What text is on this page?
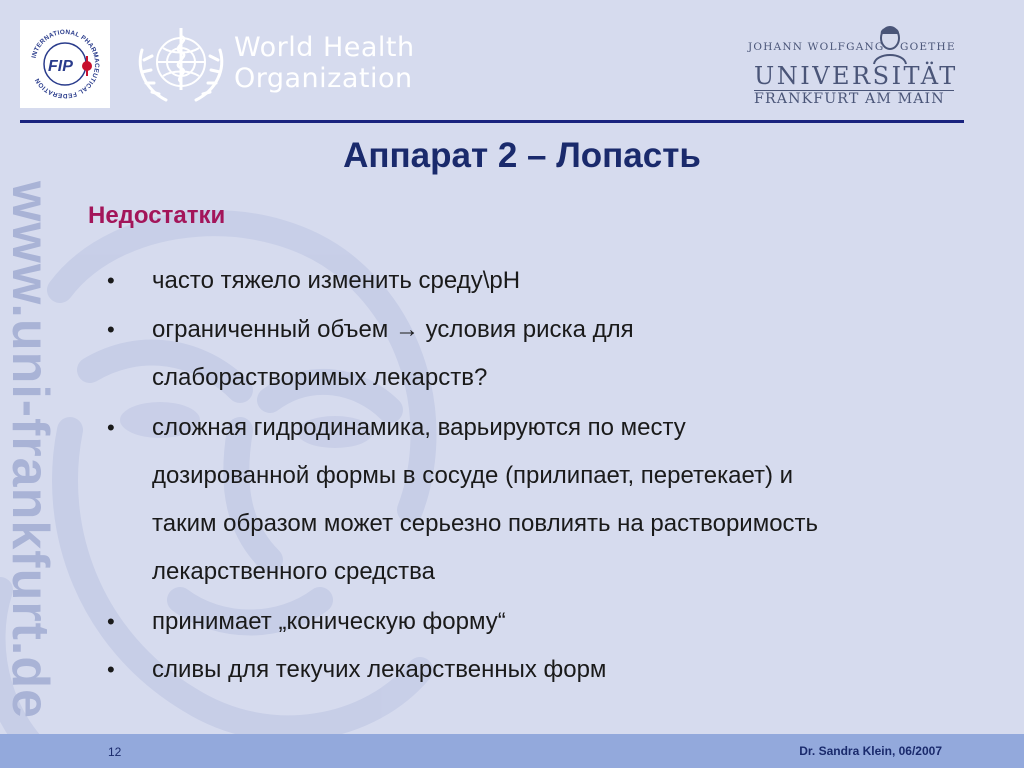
www.uni-frankfurt.de
INTERNATIONAL PHARMACEUTICAL FEDERATION
FIP
World Health
Organization
JOHANN WOLFGANG GOETHE
UNIVERSITÄT
FRANKFURT AM MAIN
Аппарат 2 – Лопасть
Недостатки
• часто тяжело изменить среду\pH
• ограниченный объем → условия риска для
слаборастворимых лекарств?
• сложная гидродинамика, варьируются по месту
дозированной формы в сосуде (прилипает, перетекает) и
таким образом может серьезно повлиять на растворимость
лекарственного средства
• принимает „коническую форму“
• сливы для текучих лекарственных форм
12	Dr. Sandra Klein, 06/2007
